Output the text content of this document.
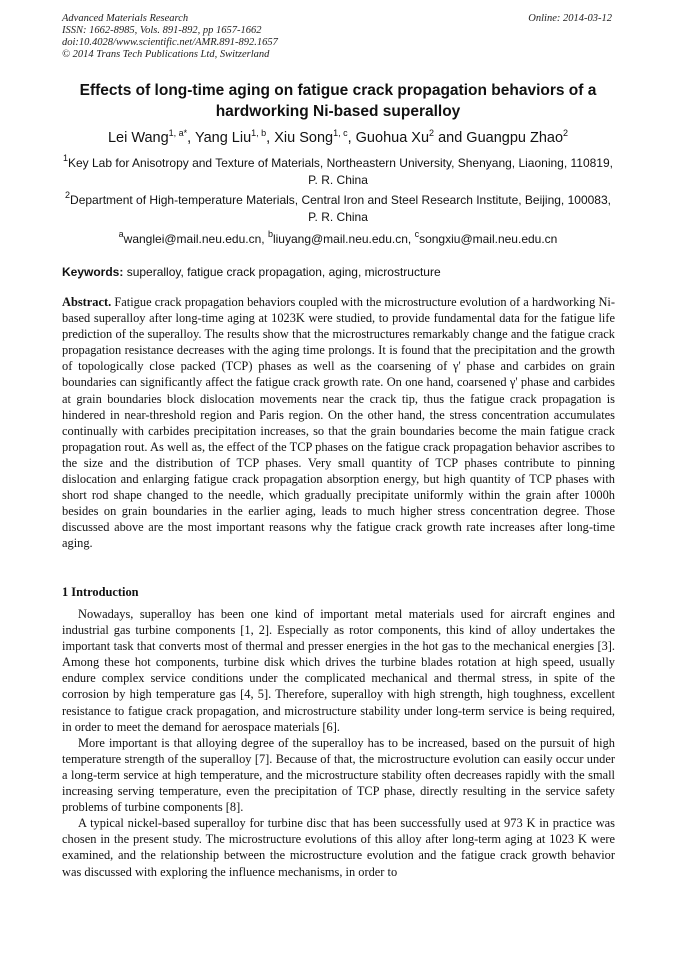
Advanced Materials Research
ISSN: 1662-8985, Vols. 891-892, pp 1657-1662
doi:10.4028/www.scientific.net/AMR.891-892.1657
© 2014 Trans Tech Publications Ltd, Switzerland
Online: 2014-03-12
Effects of long-time aging on fatigue crack propagation behaviors of a hardworking Ni-based superalloy
Lei Wang$^{1, a*}$, Yang Liu$^{1, b}$, Xiu Song$^{1, c}$, Guohua Xu$^2$ and Guangpu Zhao$^2$
$^1$Key Lab for Anisotropy and Texture of Materials, Northeastern University, Shenyang, Liaoning, 110819, P. R. China
$^2$Department of High-temperature Materials, Central Iron and Steel Research Institute, Beijing, 100083, P. R. China
$^a$wanglei@mail.neu.edu.cn, $^b$liuyang@mail.neu.edu.cn, $^c$songxiu@mail.neu.edu.cn
Keywords: superalloy, fatigue crack propagation, aging, microstructure

Abstract. Fatigue crack propagation behaviors coupled with the microstructure evolution of a hardworking Ni-based superalloy after long-time aging at 1023K were studied, to provide fundamental data for the fatigue life prediction of the superalloy. The results show that the microstructures remarkably change and the fatigue crack propagation resistance decreases with the aging time prolongs. It is found that the precipitation and the growth of topologically close packed (TCP) phases as well as the coarsening of γ' phase and carbides on grain boundaries can significantly affect the fatigue crack growth rate. On one hand, coarsened γ' phase and carbides at grain boundaries block dislocation movements near the crack tip, thus the fatigue crack propagation is hindered in near-threshold region and Paris region. On the other hand, the stress concentration accumulates continually with carbides precipitation increases, so that the grain boundaries become the main fatigue crack propagation rout. As well as, the effect of the TCP phases on the fatigue crack propagation behavior ascribes to the size and the distribution of TCP phases. Very small quantity of TCP phases contribute to pinning dislocation and enlarging fatigue crack propagation absorption energy, but high quantity of TCP phases with short rod shape changed to the needle, which gradually precipitate uniformly within the grain after 1000h besides on grain boundaries in the earlier aging, leads to much higher stress concentration degree. Those discussed above are the most important reasons why the fatigue crack growth rate increases after long-time aging.

1 Introduction

Nowadays, superalloy has been one kind of important metal materials used for aircraft engines and industrial gas turbine components [1, 2]. Especially as rotor components, this kind of alloy undertakes the important task that converts most of thermal and presser energies in the hot gas to the mechanical energies [3]. Among these hot components, turbine disk which drives the turbine blades rotation at high speed, usually endure complex service conditions under the complicated mechanical and thermal stress, in spite of the corrosion by high temperature gas [4, 5]. Therefore, superalloy with high strength, high toughness, excellent resistance to fatigue crack propagation, and microstructure stability under long-term service is being required, in order to meet the demand for aerospace materials [6].

More important is that alloying degree of the superalloy has to be increased, based on the pursuit of high temperature strength of the superalloy [7]. Because of that, the microstructure evolution can easily occur under a long-term service at high temperature, and the microstructure stability often decreases rapidly with the small increasing serving temperature, even the precipitation of TCP phase, directly resulting in the service safety problems of turbine components [8].

A typical nickel-based superalloy for turbine disc that has been successfully used at 973 K in practice was chosen in the present study. The microstructure evolutions of this alloy after long-term aging at 1023 K were examined, and the relationship between the microstructure evolution and the fatigue crack growth behavior was discussed with exploring the influence mechanisms, in order to
